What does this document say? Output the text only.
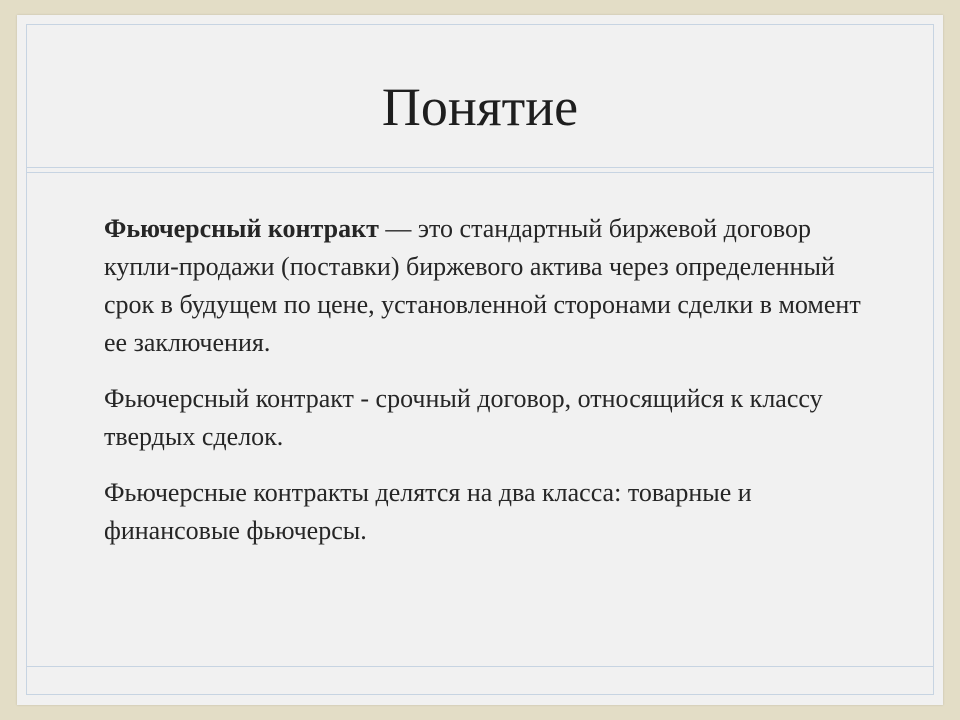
Понятие

Фьючерсный контракт — это стандартный биржевой договор купли-продажи (поставки) биржевого актива через определенный срок в будущем по цене, установленной сторонами сделки в момент ее заключения.

Фьючерсный контракт - срочный договор, относящийся к классу твердых сделок.

Фьючерсные контракты делятся на два класса: товарные и финансовые фьючерсы.
